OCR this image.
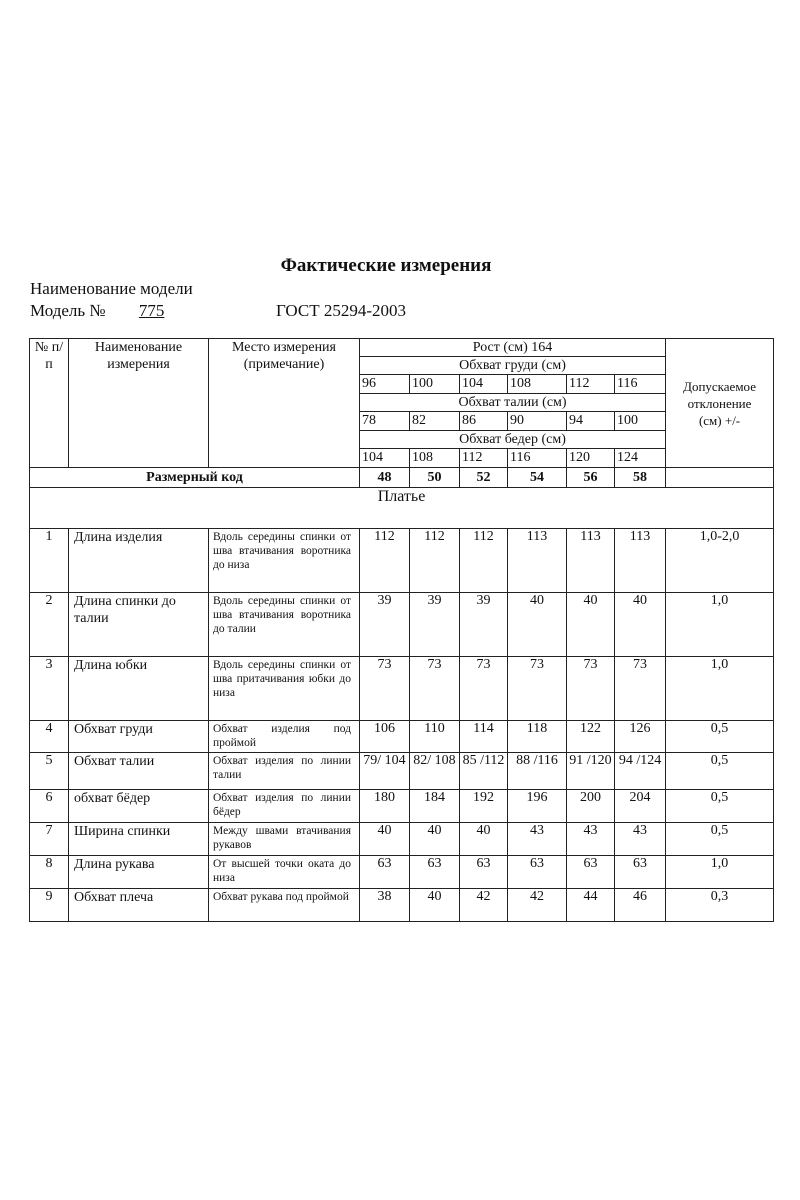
Фактические измерения
Наименование модели
Модель № 775	ГОСТ 25294-2003
№ п/п	Наименование измерения	Место измерения (примечание)	Рост (см) 164						Допускаемое отклонение (см) +/-

			Обхват груди (см)						
			96	100	104	108	112	116	
			Обхват талии (см)						
			78	82	86	90	94	100	
			Обхват бедер (см)						
			104	108	112	116	120	124	
Размерный код			48	50	52	54	56	58	
Платье									
1	Длина изделия	Вдоль середины спинки от шва втачивания воротника до низа	112	112	112	113	113	113	1,0-2,0
2	Длина спинки до талии	Вдоль середины спинки от шва втачивания воротника до талии	39	39	39	40	40	40	1,0
3	Длина юбки	Вдоль середины спинки от шва притачивания юбки до низа	73	73	73	73	73	73	1,0
4	Обхват груди	Обхват изделия под проймой	106	110	114	118	122	126	0,5
5	Обхват талии	Обхват изделия по линии талии	79/ 104	82/ 108	85 /112	88 /116	91 /120	94 /124	0,5
6	обхват бёдер	Обхват изделия по линии бёдер	180	184	192	196	200	204	0,5
7	Ширина спинки	Между швами втачивания рукавов	40	40	40	43	43	43	0,5
8	Длина рукава	От высшей точки оката до низа	63	63	63	63	63	63	1,0
9	Обхват плеча	Обхват рукава под проймой	38	40	42	42	44	46	0,3
